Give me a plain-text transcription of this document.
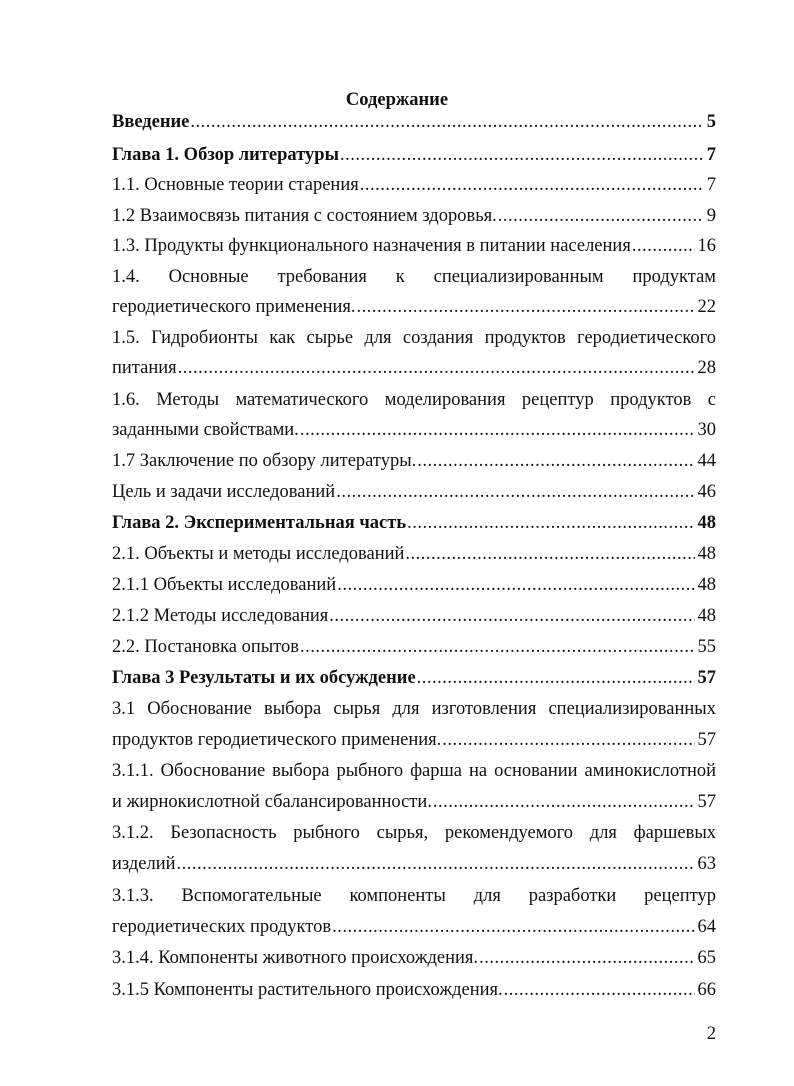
Содержание
Введение .....	5
Глава 1. Обзор литературы .....	7
1.1. Основные теории старения .....	7
1.2 Взаимосвязь питания с состоянием здоровья. .....	9
1.3. Продукты функционального назначения в питании населения .....	16
1.4. Основные требования к специализированным продуктам
геродиетического применения. .....	22
1.5. Гидробионты как сырье для создания продуктов геродиетического
питания .....	28
1.6. Методы математического моделирования рецептур продуктов с
заданными свойствами. .....	30
1.7 Заключение по обзору литературы. .....	44
Цель и задачи исследований .....	46
Глава 2. Экспериментальная часть .....	48
2.1. Объекты и методы исследований .....	48
2.1.1 Объекты исследований .....	48
2.1.2 Методы исследования .....	48
2.2. Постановка опытов .....	55
Глава 3 Результаты и их обсуждение .....	57
3.1 Обоснование выбора сырья для изготовления специализированных
продуктов геродиетического применения. .....	57
3.1.1. Обоснование выбора рыбного фарша на основании аминокислотной
и жирнокислотной сбалансированности. .....	57
3.1.2. Безопасность рыбного сырья, рекомендуемого для фаршевых
изделий .....	63
3.1.3. Вспомогательные компоненты для разработки рецептур
геродиетических продуктов .....	64
3.1.4. Компоненты животного происхождения. .....	65
3.1.5 Компоненты растительного происхождения. .....	66
2
